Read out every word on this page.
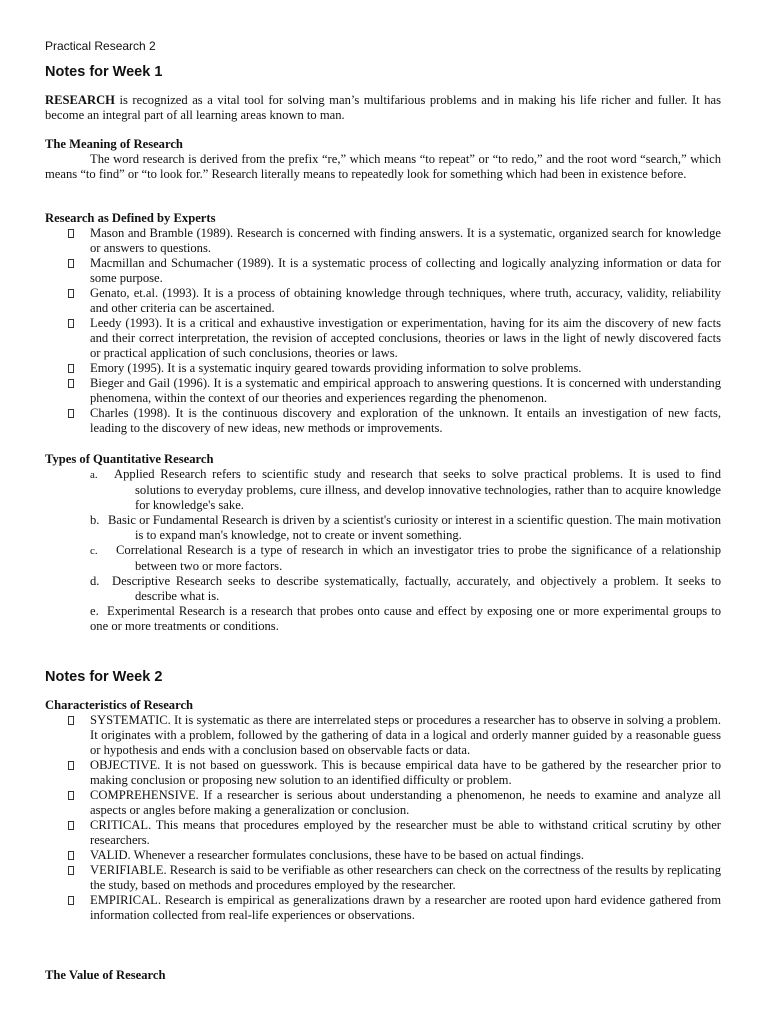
Practical Research 2
Notes for Week 1
RESEARCH is recognized as a vital tool for solving man’s multifarious problems and in making his life richer and fuller. It has become an integral part of all learning areas known to man.
The Meaning of Research
The word research is derived from the prefix “re,” which means “to repeat” or “to redo,” and the root word “search,” which means “to find” or “to look for.” Research literally means to repeatedly look for something which had been in existence before.
Research as Defined by Experts
Mason and Bramble (1989). Research is concerned with finding answers. It is a systematic, organized search for knowledge or answers to questions.
Macmillan and Schumacher (1989). It is a systematic process of collecting and logically analyzing information or data for some purpose.
Genato, et.al. (1993). It is a process of obtaining knowledge through techniques, where truth, accuracy, validity, reliability and other criteria can be ascertained.
Leedy (1993). It is a critical and exhaustive investigation or experimentation, having for its aim the discovery of new facts and their correct interpretation, the revision of accepted conclusions, theories or laws in the light of newly discovered facts or practical application of such conclusions, theories or laws.
Emory (1995). It is a systematic inquiry geared towards providing information to solve problems.
Bieger and Gail (1996). It is a systematic and empirical approach to answering questions. It is concerned with understanding phenomena, within the context of our theories and experiences regarding the phenomenon.
Charles (1998). It is the continuous discovery and exploration of the unknown. It entails an investigation of new facts, leading to the discovery of new ideas, new methods or improvements.
Types of Quantitative Research
a. Applied Research refers to scientific study and research that seeks to solve practical problems. It is used to find solutions to everyday problems, cure illness, and develop innovative technologies, rather than to acquire knowledge for knowledge's sake.
b. Basic or Fundamental Research is driven by a scientist's curiosity or interest in a scientific question. The main motivation is to expand man's knowledge, not to create or invent something.
c. Correlational Research is a type of research in which an investigator tries to probe the significance of a relationship between two or more factors.
d. Descriptive Research seeks to describe systematically, factually, accurately, and objectively a problem. It seeks to describe what is.
e. Experimental Research is a research that probes onto cause and effect by exposing one or more experimental groups to one or more treatments or conditions.
Notes for Week 2
Characteristics of Research
SYSTEMATIC. It is systematic as there are interrelated steps or procedures a researcher has to observe in solving a problem. It originates with a problem, followed by the gathering of data in a logical and orderly manner guided by a reasonable guess or hypothesis and ends with a conclusion based on observable facts or data.
OBJECTIVE. It is not based on guesswork. This is because empirical data have to be gathered by the researcher prior to making conclusion or proposing new solution to an identified difficulty or problem.
COMPREHENSIVE. If a researcher is serious about understanding a phenomenon, he needs to examine and analyze all aspects or angles before making a generalization or conclusion.
CRITICAL. This means that procedures employed by the researcher must be able to withstand critical scrutiny by other researchers.
VALID. Whenever a researcher formulates conclusions, these have to be based on actual findings.
VERIFIABLE. Research is said to be verifiable as other researchers can check on the correctness of the results by replicating the study, based on methods and procedures employed by the researcher.
EMPIRICAL. Research is empirical as generalizations drawn by a researcher are rooted upon hard evidence gathered from information collected from real-life experiences or observations.
The Value of Research
